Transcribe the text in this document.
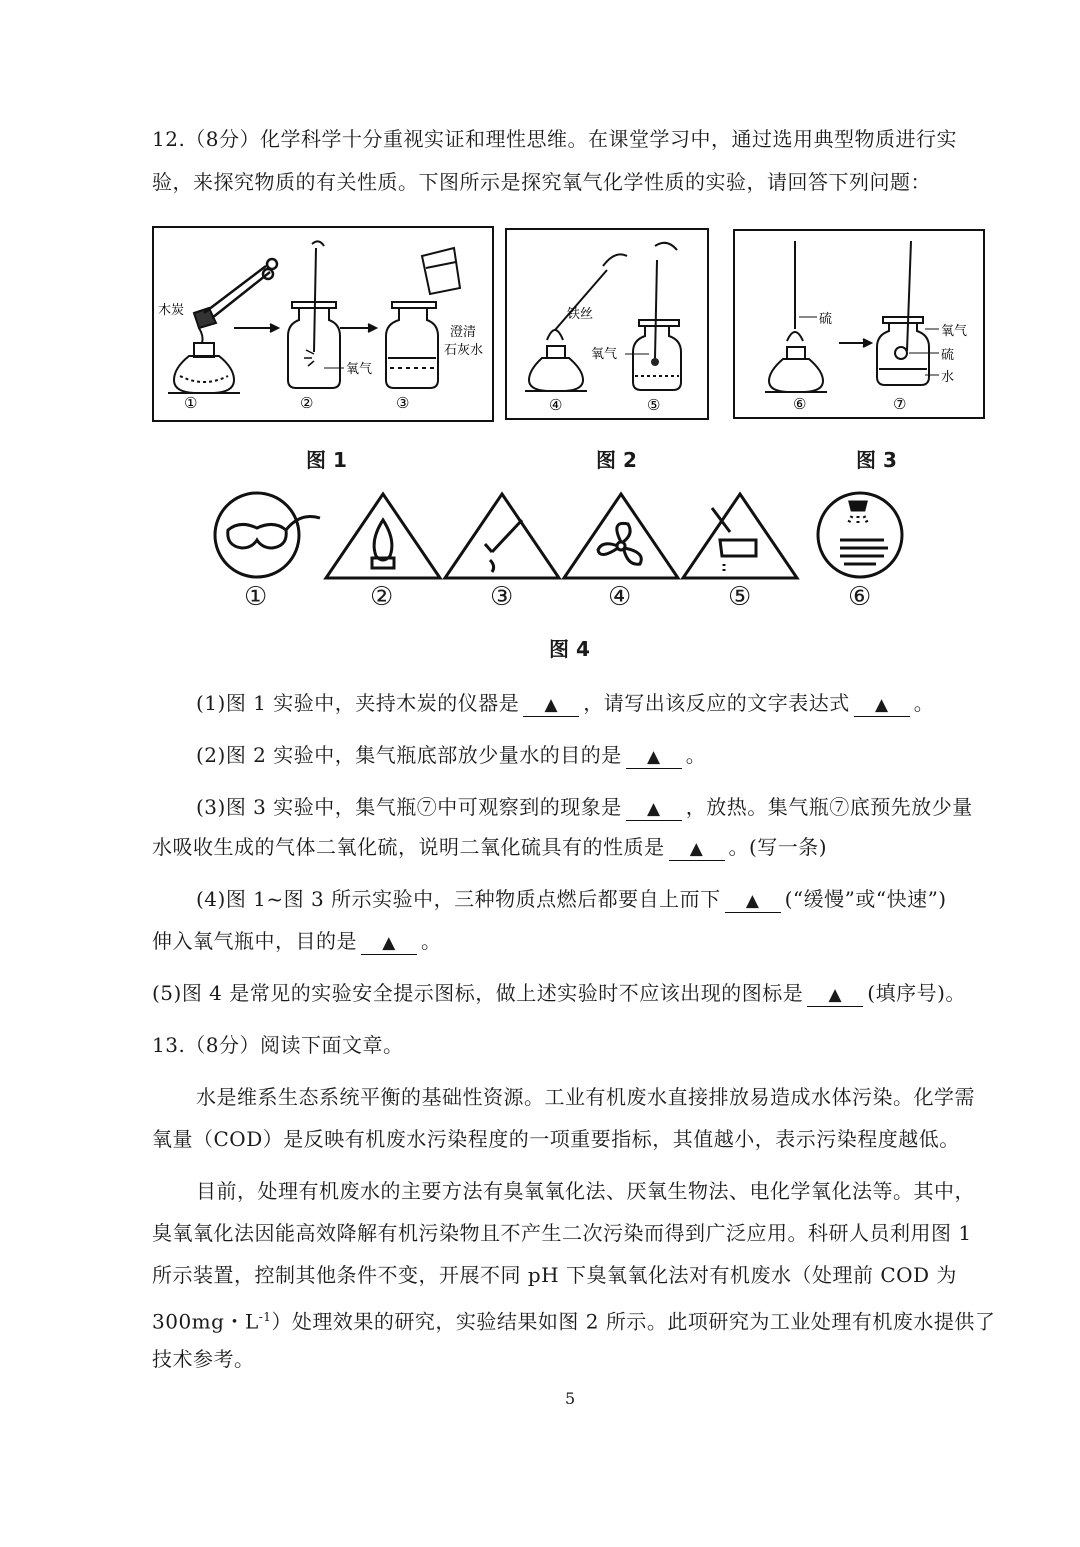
12.（8分）化学科学十分重视实证和理性思维。在课堂学习中，通过选用典型物质进行实
验，来探究物质的有关性质。下图所示是探究氧气化学性质的实验，请回答下列问题：
木炭
氧气
澄清
石灰水
①	②	③
铁丝
氧气
④	⑤
硫
氧气
硫
水
⑥	⑦
图 1	图 2	图 3
①	②	③	④	⑤	⑥
图 4
(1)图 1 实验中，夹持木炭的仪器是 ▲ ，请写出该反应的文字表达式 ▲ 。
(2)图 2 实验中，集气瓶底部放少量水的目的是 ▲ 。
(3)图 3 实验中，集气瓶⑦中可观察到的现象是 ▲ ，放热。集气瓶⑦底预先放少量
水吸收生成的气体二氧化硫，说明二氧化硫具有的性质是 ▲ 。(写一条)
(4)图 1~图 3 所示实验中，三种物质点燃后都要自上而下 ▲ (“缓慢”或“快速”)
伸入氧气瓶中，目的是 ▲ 。
(5)图 4 是常见的实验安全提示图标，做上述实验时不应该出现的图标是 ▲ (填序号)。
13.（8分）阅读下面文章。
水是维系生态系统平衡的基础性资源。工业有机废水直接排放易造成水体污染。化学需
氧量（COD）是反映有机废水污染程度的一项重要指标，其值越小，表示污染程度越低。
目前，处理有机废水的主要方法有臭氧氧化法、厌氧生物法、电化学氧化法等。其中，
臭氧氧化法因能高效降解有机污染物且不产生二次污染而得到广泛应用。科研人员利用图 1
所示装置，控制其他条件不变，开展不同 pH 下臭氧氧化法对有机废水（处理前 COD 为
300mg・$L^{-1}$）处理效果的研究，实验结果如图 2 所示。此项研究为工业处理有机废水提供了
技术参考。
5
